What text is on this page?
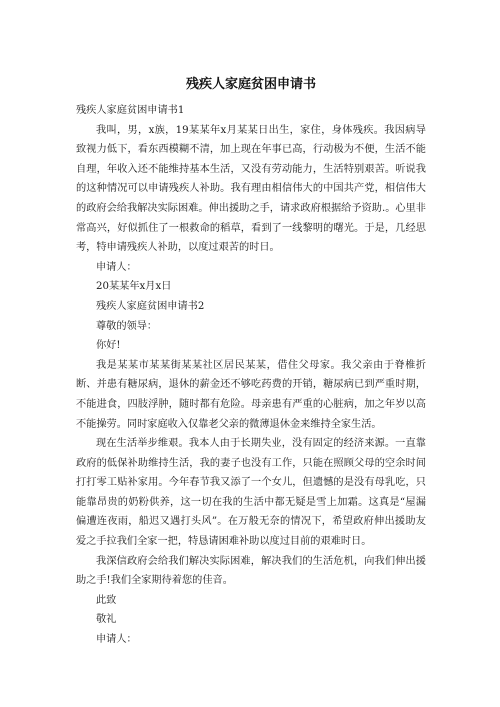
残疾人家庭贫困申请书

残疾人家庭贫困申请书1

我叫，男，x族，19某某年x月某某日出生，家住，身体残疾。我因病导致视力低下，看东西模糊不清，加上现在年事已高，行动极为不便，生活不能自理，年收入还不能维持基本生活，又没有劳动能力，生活特别艰苦。听说我的这种情况可以申请残疾人补助。我有理由相信伟大的中国共产党，相信伟大的政府会给我解决实际困难。伸出援助之手，请求政府根据给予资助.。心里非常高兴，好似抓住了一根救命的稻草，看到了一线黎明的曙光。于是，几经思考，特申请残疾人补助，以度过艰苦的时日。

申请人：

20某某年x月x日

残疾人家庭贫困申请书2

尊敬的领导：

你好!

我是某某市某某街某某社区居民某某，借住父母家。我父亲由于脊椎折断、并患有糖尿病，退休的薪金还不够吃药费的开销，糖尿病已到严重时期，不能进食，四肢浮肿，随时都有危险。母亲患有严重的心脏病，加之年岁以高不能操劳。同时家庭收入仅靠老父亲的微薄退休金来维持全家生活。

现在生活举步维艰。我本人由于长期失业，没有固定的经济来源。一直靠政府的低保补助维持生活，我的妻子也没有工作，只能在照顾父母的空余时间打打零工贴补家用。今年春节我又添了一个女儿，但遗憾的是没有母乳吃，只能靠昂贵的奶粉供养，这一切在我的生活中都无疑是雪上加霜。这真是“屋漏偏遭连夜雨，船迟又遇打头风”。在万般无奈的情况下，希望政府伸出援助友爱之手拉我们全家一把，特恳请困难补助以度过目前的艰难时日。

我深信政府会给我们解决实际困难，解决我们的生活危机，向我们伸出援助之手!我们全家期待着您的佳音。

此致

敬礼

申请人：
